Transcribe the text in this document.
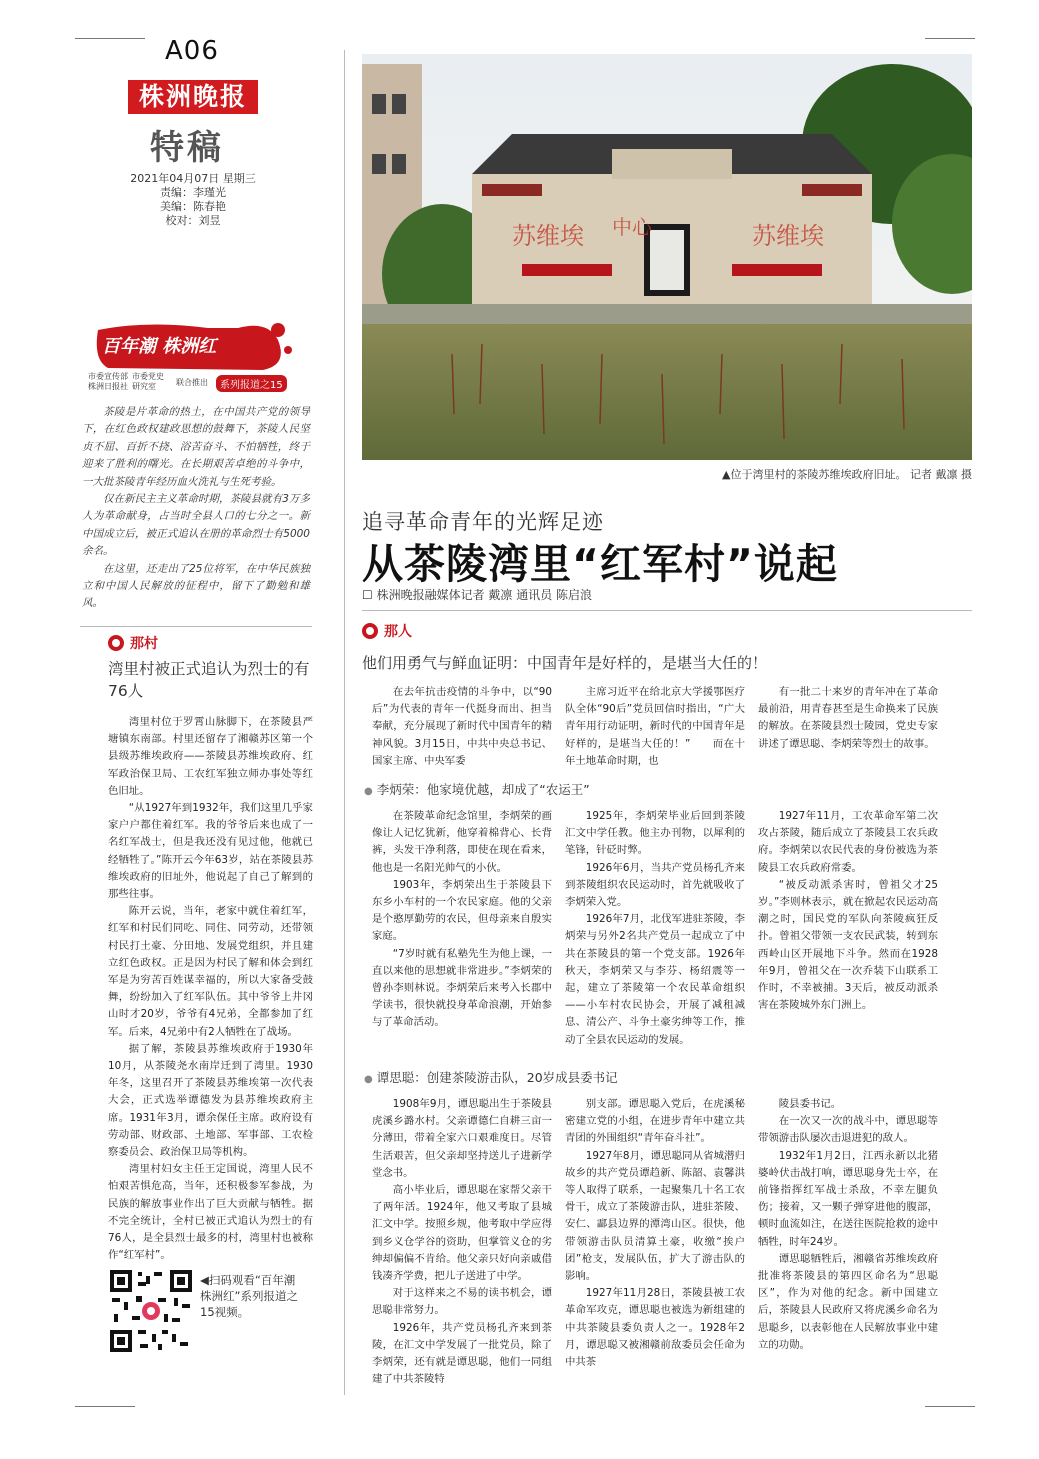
A06
株洲晚报
特稿
2021年04月07日 星期三
责编：李瑾光
美编：陈春艳
校对：刘昱
百年潮 株洲红
市委宣传部
株洲日报社
市委党史
研究室	联合推出	系列报道之15

茶陵是片革命的热土，在中国共产党的领导下，在红色政权建政思想的鼓舞下，茶陵人民坚贞不屈、百折不挠、浴苦奋斗、不怕牺牲，终于迎来了胜利的曙光。在长期艰苦卓绝的斗争中，一大批茶陵青年经历血火洗礼与生死考验。

仅在新民主主义革命时期，茶陵县就有3万多人为革命献身，占当时全县人口的七分之一。新中国成立后，被正式追认在册的革命烈士有5000余名。

在这里，还走出了25位将军，在中华民族独立和中国人民解放的征程中，留下了勤勉和雄风。

那村
湾里村被正式追认为烈士的有76人

湾里村位于罗霄山脉脚下，在茶陵县严塘镇东南部。村里还留存了湘赣苏区第一个县级苏维埃政府——茶陵县苏维埃政府、红军政治保卫局、工农红军独立师办事处等红色旧址。

“从1927年到1932年，我们这里几乎家家户户都住着红军。我的爷爷后来也成了一名红军战士，但是我还没有见过他，他就已经牺牲了。”陈开云今年63岁，站在茶陵县苏维埃政府的旧址外，他说起了自己了解到的那些往事。

陈开云说，当年，老家中就住着红军，红军和村民们同吃、同住、同劳动，还带领村民打土豪、分田地、发展党组织，并且建立红色政权。正是因为村民了解和体会到红军是为穷苦百姓谋幸福的，所以大家备受鼓舞，纷纷加入了红军队伍。其中爷爷上井冈山时才20岁，爷爷有4兄弟，全都参加了红军。后来，4兄弟中有2人牺牲在了战场。

据了解，茶陵县苏维埃政府于1930年10月，从茶陵尧水南岸迁到了湾里。1930年冬，这里召开了茶陵县苏维埃第一次代表大会，正式选举谭德发为县苏维埃政府主席。1931年3月，谭余保任主席。政府设有劳动部、财政部、土地部、军事部、工农检察委员会、政治保卫局等机构。

湾里村妇女主任王定国说，湾里人民不怕艰苦惧危高，当年，还积极参军参战，为民族的解放事业作出了巨大贡献与牺牲。据不完全统计，全村已被正式追认为烈士的有76人，是全县烈士最多的村，湾里村也被称作“红军村”。

◀扫码观看“百年潮 株洲红”系列报道之15视频。
苏维埃 中心	苏维埃
▲位于湾里村的茶陵苏维埃政府旧址。 记者 戴凛 摄
追寻革命青年的光辉足迹
从茶陵湾里“红军村”说起
☐ 株洲晚报融媒体记者 戴凛 通讯员 陈启浪
那人
他们用勇气与鲜血证明：中国青年是好样的，是堪当大任的！

在去年抗击疫情的斗争中，以“90后”为代表的青年一代挺身而出、担当奉献，充分展现了新时代中国青年的精神风貌。3月15日，中共中央总书记、国家主席、中央军委

主席习近平在给北京大学援鄂医疗队全体“90后”党员回信时指出，“广大青年用行动证明，新时代的中国青年是好样的，是堪当大任的！”　　而在十年土地革命时期，也

有一批二十来岁的青年冲在了革命最前沿，用青春甚至是生命换来了民族的解放。在茶陵县烈士陵园，党史专家讲述了谭思聪、李炳荣等烈士的故事。

● 李炳荣：他家境优越，却成了“农运王”

在茶陵革命纪念馆里，李炳荣的画像让人记忆犹新，他穿着棉背心、长背裤，头发干净利落，即使在现在看来，他也是一名阳光帅气的小伙。

1903年，李炳荣出生于茶陵县下东乡小车村的一个农民家庭。他的父亲是个憨厚勤劳的农民，但母亲来自殷实家庭。

“7岁时就有私塾先生为他上课，一直以来他的思想就非常进步。”李炳荣的曾孙李则林说。李炳荣后来考入长郡中学读书，很快就投身革命浪潮，开始参与了革命活动。

1925年，李炳荣毕业后回到茶陵汇文中学任教。他主办刊物，以犀利的笔锋，针砭时弊。

1926年6月，当共产党员杨孔齐来到茶陵组织农民运动时，首先就吸收了李炳荣入党。

1926年7月，北伐军进驻茶陵，李炳荣与另外2名共产党员一起成立了中共在茶陵县的第一个党支部。1926年秋天，李炳荣又与李芬、杨绍震等一起，建立了茶陵第一个农民革命组织——小车村农民协会，开展了减租减息、清公产、斗争土豪劣绅等工作，推动了全县农民运动的发展。

1927年11月，工农革命军第二次攻占茶陵，随后成立了茶陵县工农兵政府。李炳荣以农民代表的身份被选为茶陵县工农兵政府常委。

“被反动派杀害时，曾祖父才25岁。”李则林表示，就在掀起农民运动高潮之时，国民党的军队向茶陵疯狂反扑。曾祖父带领一支农民武装，转到东西岭山区开展地下斗争。然而在1928年9月，曾祖父在一次乔装下山联系工作时，不幸被捕。3天后，被反动派杀害在茶陵城外东门洲上。

● 谭思聪：创建茶陵游击队，20岁成县委书记

1908年9月，谭思聪出生于茶陵县虎溪乡潞水村。父亲谭德仁自耕三亩一分薄田，带着全家六口艰难度日。尽管生活艰苦，但父亲却坚持送儿子进新学堂念书。

高小毕业后，谭思聪在家帮父亲干了两年活。1924年，他又考取了县城汇文中学。按照乡规，他考取中学应得到乡义仓学谷的资助，但掌管义仓的劣绅却偏偏不肯给。他父亲只好向亲戚借钱凑齐学费，把儿子送进了中学。

对于这样来之不易的读书机会，谭思聪非常努力。

1926年，共产党员杨孔齐来到茶陵，在汇文中学发展了一批党员，除了李炳荣，还有就是谭思聪，他们一同组建了中共茶陵特

别支部。谭思聪入党后，在虎溪秘密建立党的小组，在进步青年中建立共青团的外围组织“青年奋斗社”。

1927年8月，谭思聪同从省城潜归故乡的共产党员谭趋新、陈韶、袁馨洪等人取得了联系，一起聚集几十名工农骨干，成立了茶陵游击队，进驻茶陵、安仁、酃县边界的潭湾山区。很快，他带领游击队员清算土豪，收缴“挨户团”枪支，发展队伍，扩大了游击队的影响。

1927年11月28日，茶陵县被工农革命军攻克，谭思聪也被选为新组建的中共茶陵县委负责人之一。1928年2月，谭思聪又被湘赣前敌委员会任命为中共茶

陵县委书记。

在一次又一次的战斗中，谭思聪等带领游击队屡次击退进犯的敌人。

1932年1月2日，江西永新以北猪婆岭伏击战打响，谭思聪身先士卒，在前锋指挥红军战士杀敌，不幸左腿负伤；接着，又一颗子弹穿进他的腹部，顿时血流如注，在送往医院抢救的途中牺牲，时年24岁。

谭思聪牺牲后，湘赣省苏维埃政府批准将茶陵县的第四区命名为“思聪区”，作为对他的纪念。新中国建立后，茶陵县人民政府又将虎溪乡命名为思聪乡，以表彰他在人民解放事业中建立的功勋。
